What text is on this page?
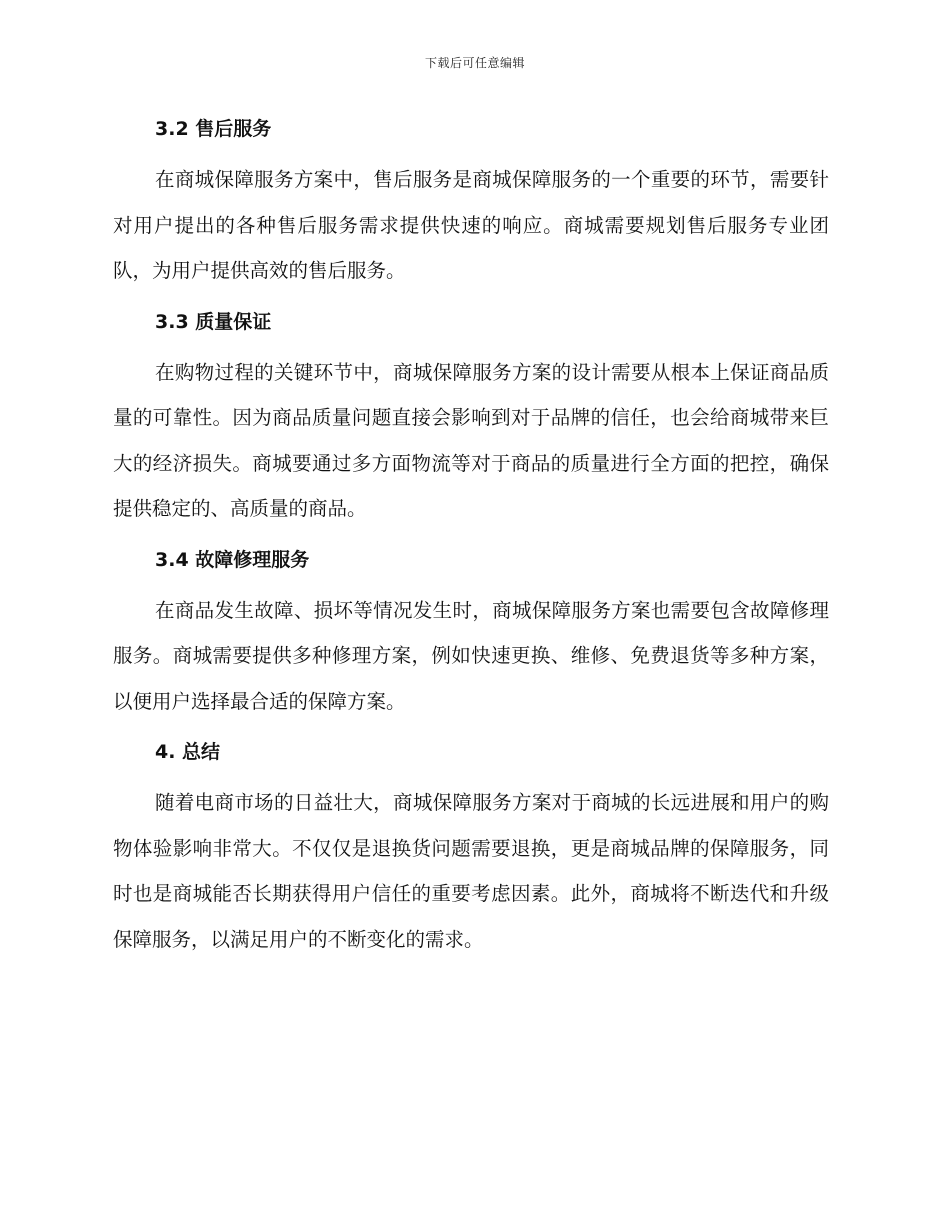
下载后可任意编辑
3.2 售后服务

在商城保障服务方案中，售后服务是商城保障服务的一个重要的环节，需要针对用户提出的各种售后服务需求提供快速的响应。商城需要规划售后服务专业团队，为用户提供高效的售后服务。

3.3 质量保证

在购物过程的关键环节中，商城保障服务方案的设计需要从根本上保证商品质量的可靠性。因为商品质量问题直接会影响到对于品牌的信任，也会给商城带来巨大的经济损失。商城要通过多方面物流等对于商品的质量进行全方面的把控，确保提供稳定的、高质量的商品。

3.4 故障修理服务

在商品发生故障、损坏等情况发生时，商城保障服务方案也需要包含故障修理服务。商城需要提供多种修理方案，例如快速更换、维修、免费退货等多种方案，以便用户选择最合适的保障方案。

4. 总结

随着电商市场的日益壮大，商城保障服务方案对于商城的长远进展和用户的购物体验影响非常大。不仅仅是退换货问题需要退换，更是商城品牌的保障服务，同时也是商城能否长期获得用户信任的重要考虑因素。此外，商城将不断迭代和升级保障服务，以满足用户的不断变化的需求。
